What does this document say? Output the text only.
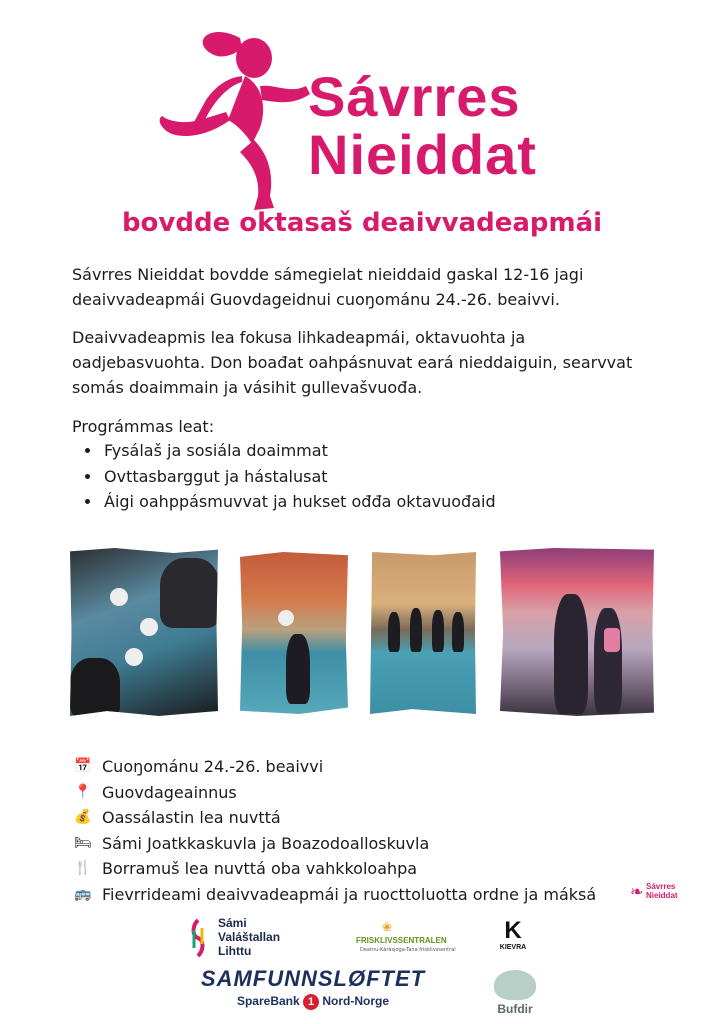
Sávrres
Nieiddat
bovdde oktasaš deaivvadeapmái
Sávrres Nieiddat bovdde sámegielat nieiddaid gaskal 12-16 jagi deaivvadeapmái Guovdageidnui cuoŋománu 24.-26. beaivvi.
Deaivvadeapmis lea fokusa lihkadeapmái, oktavuohta ja oadjebasvuohta. Don boađat oahpásnuvat eará nieddaiguin, searvvat somás doaimmain ja vásihit gullevašvuođa.
Prográmmas leat:
• Fysálaš ja sosiála doaimmat
• Ovttasbarggut ja hástalusat
• Áigi oahppásmuvvat ja hukset ođđa oktavuođaid
📅 Cuoŋománu 24.-26. beaivvi
📍 Guovdageainnus
💰 Oassálastin lea nuvttá
🛏 Sámi Joatkkaskuvla ja Boazodoalloskuvla
🍴 Borramuš lea nuvttá oba vahkkoloahpa
🚌 Fievrrideami deaivvadeapmái ja ruocttoluotta ordne ja máksá ❧ Sávrres
Nieiddat
Sámi
Valáštallan
Lihttu
❀
FRISKLIVSSENTRALEN
Deatnu-Kárásjoga-Tana frisklivssentral
K
KIEVRA
SAMFUNNSLØFTET
SpareBank 1 Nord-Norge
Bufdir
